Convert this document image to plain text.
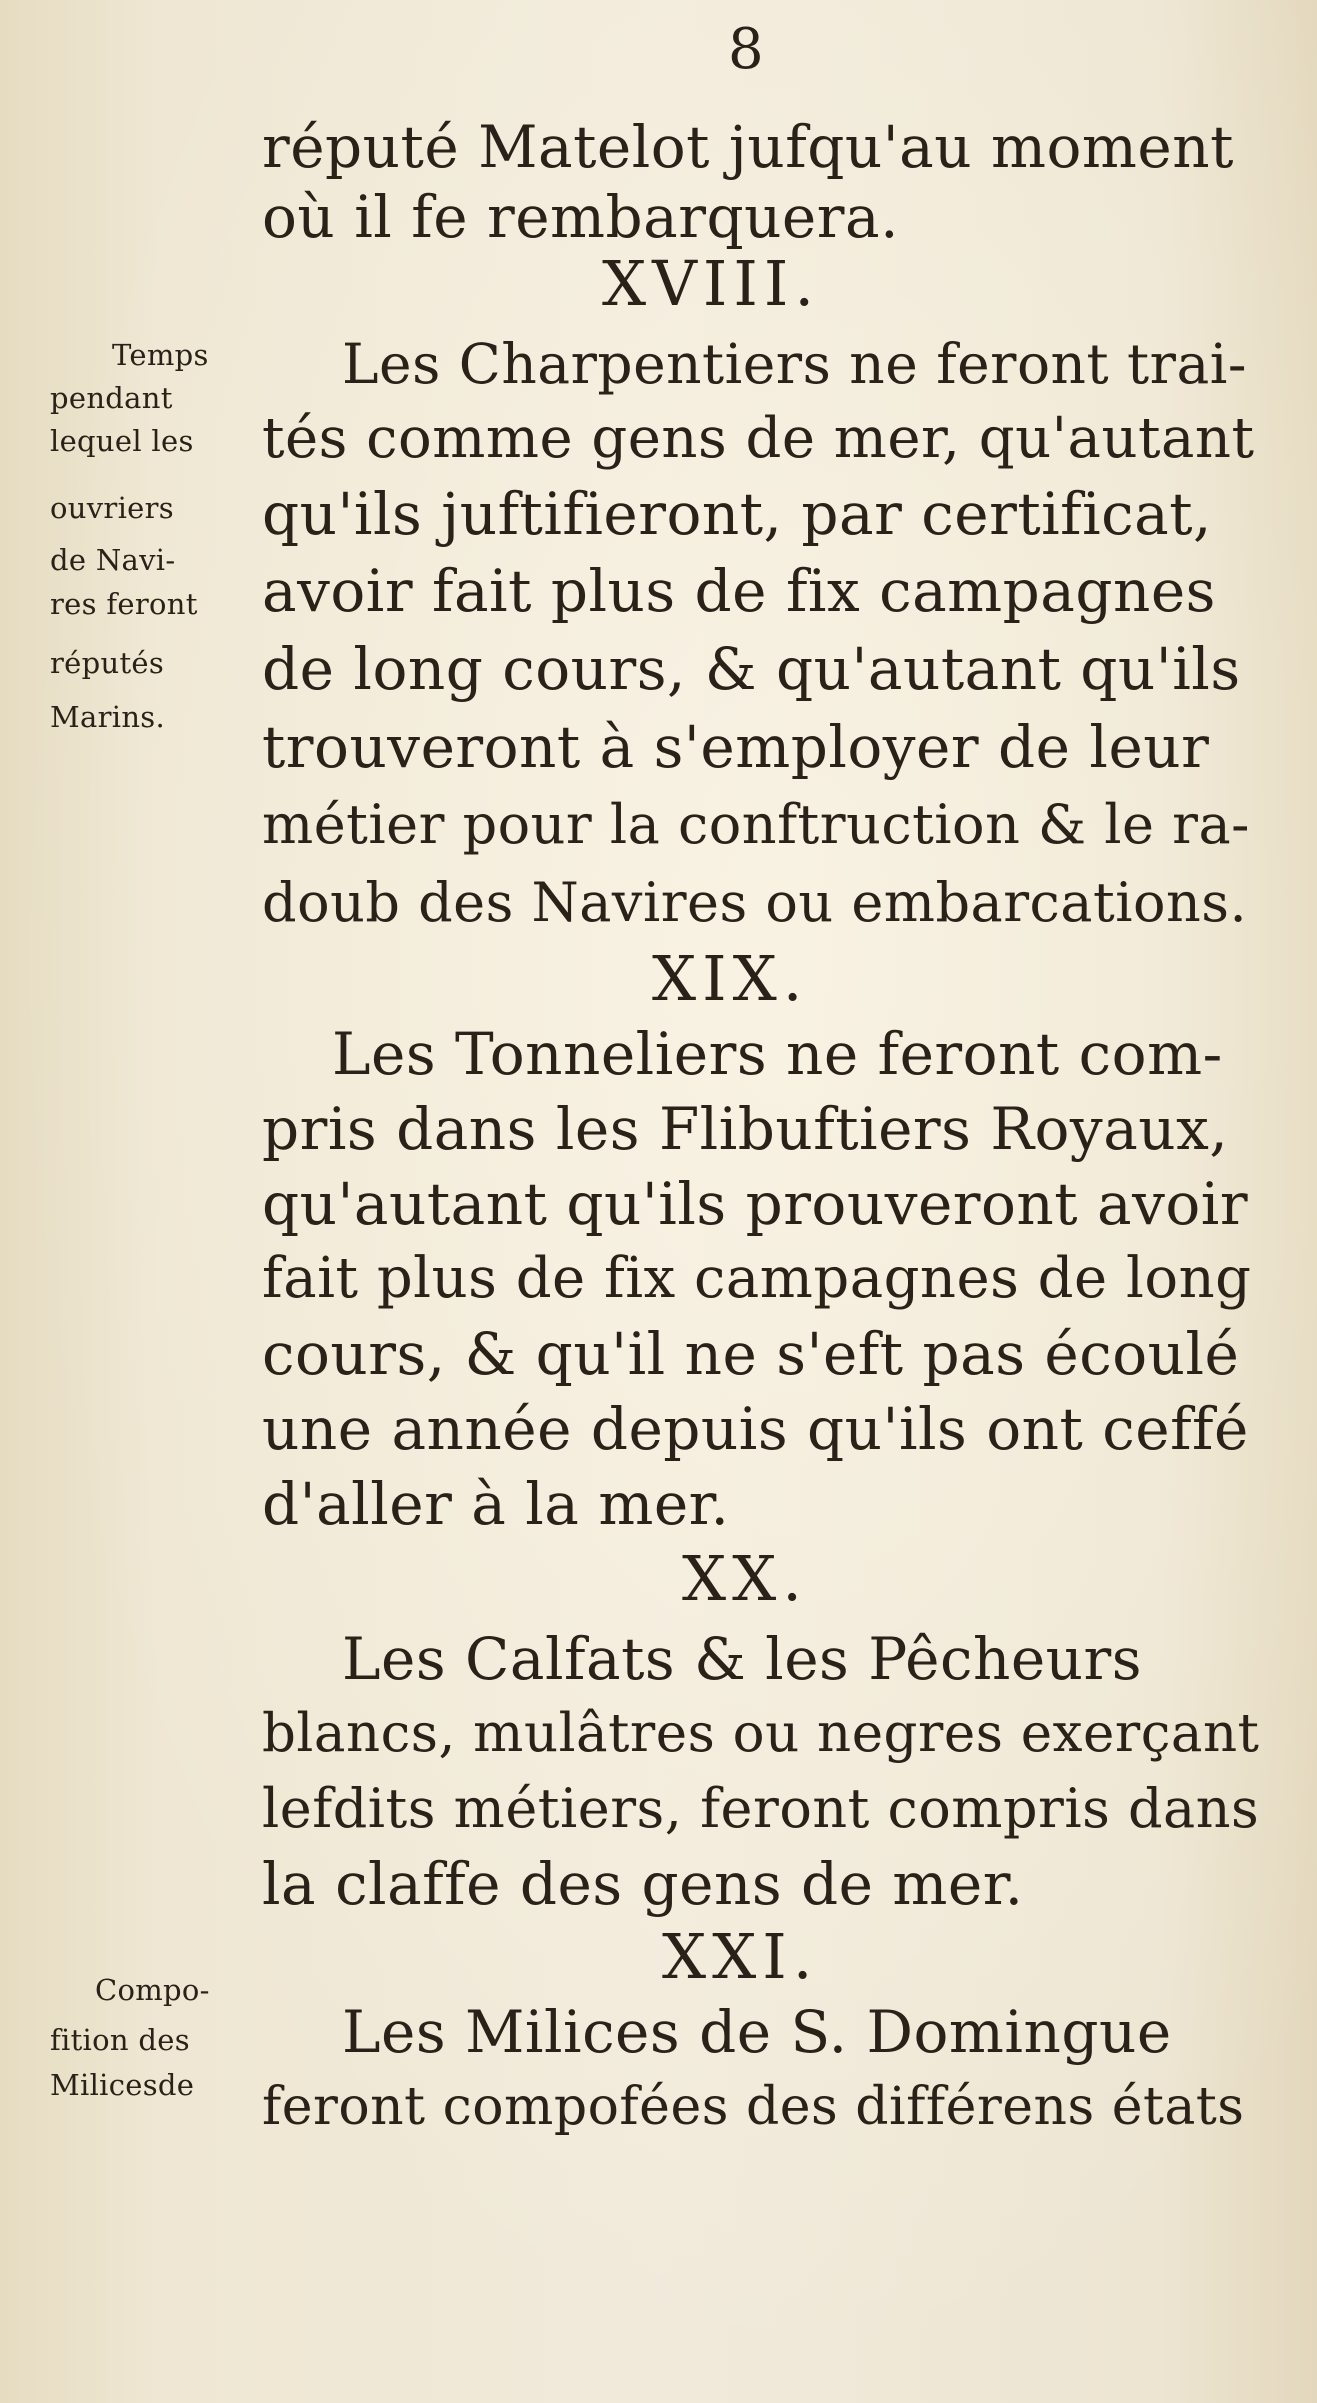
8
Temps
pendant
lequel les
ouvriers
de Navi-
res feront
réputés
Marins.
Compo-
fition des
Milicesde
réputé Matelot jufqu'au moment
où il fe rembarquera.
XVIII.
Les Charpentiers ne feront trai-
tés comme gens de mer, qu'autant
qu'ils juftifieront, par certificat,
avoir fait plus de fix campagnes
de long cours, & qu'autant qu'ils
trouveront à s'employer de leur
métier pour la conftruction & le ra-
doub des Navires ou embarcations.
XIX.
Les Tonneliers ne feront com-
pris dans les Flibuftiers Royaux,
qu'autant qu'ils prouveront avoir
fait plus de fix campagnes de long
cours, & qu'il ne s'eft pas écoulé
une année depuis qu'ils ont ceffé
d'aller à la mer.
XX.
Les Calfats & les Pêcheurs
blancs, mulâtres ou negres exerçant
lefdits métiers, feront compris dans
la claffe des gens de mer.
XXI.
Les Milices de S. Domingue
feront compofées des différens états
